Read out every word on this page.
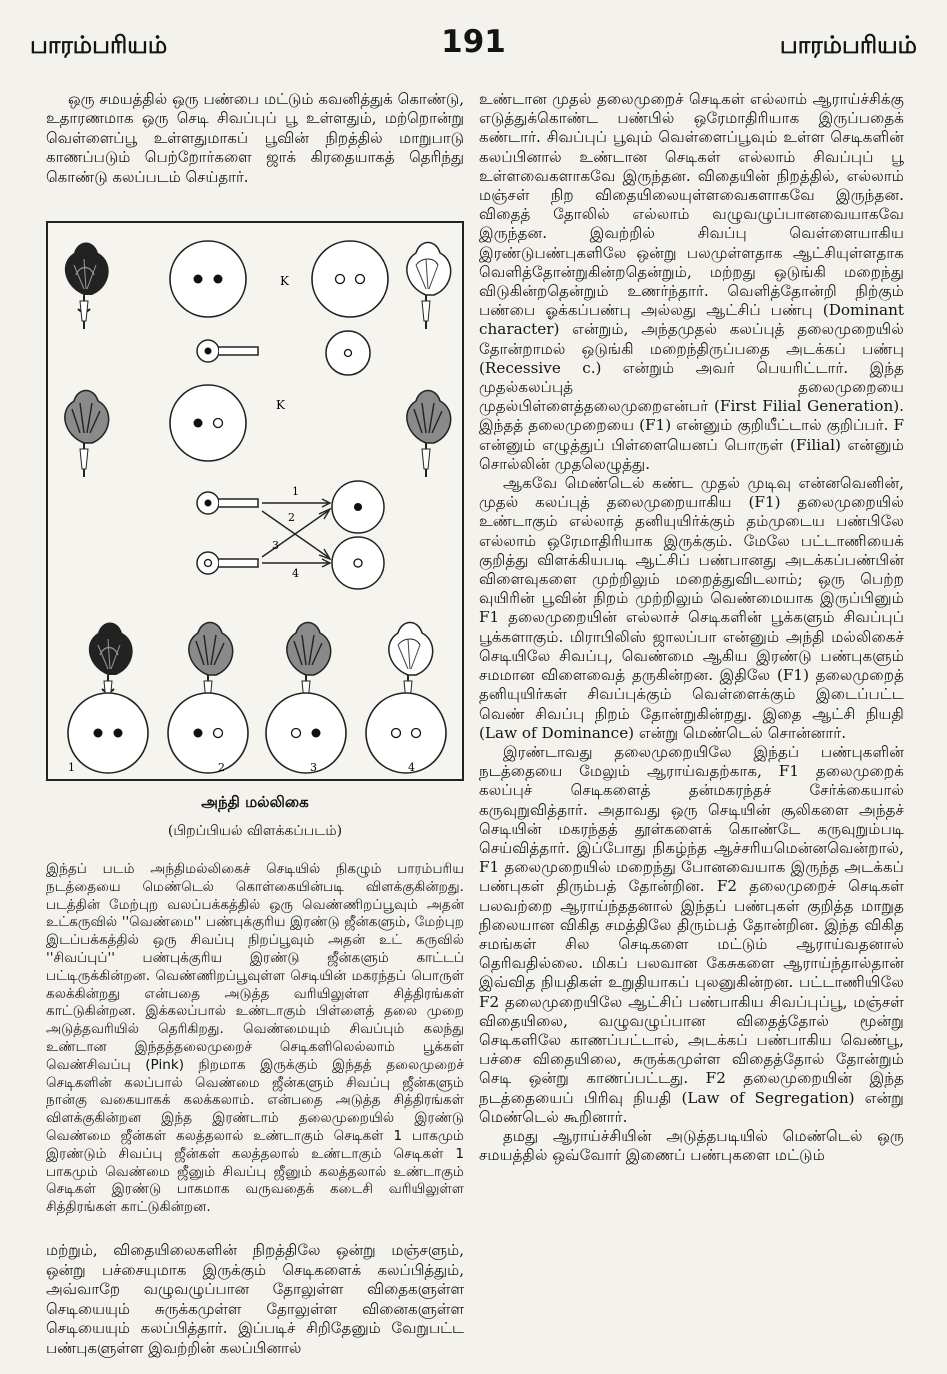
பாரம்பரியம்	191	பாரம்பரியம்

ஒரு சமயத்தில் ஒரு பண்பை மட்டும் கவனித்துக் கொண்டு, உதாரணமாக ஒரு செடி சிவப்புப் பூ உள்ளதும், மற்றொன்று வெள்ளைப்பூ உள்ளதுமாகப் பூவின் நிறத்தில் மாறுபாடு காணப்படும் பெற்றோர்களை ஜாக் கிரதையாகத் தெரிந்து கொண்டு கலப்படம் செய்தார்.

K
K
1
2
3
4
1	2	3	4
அந்தி மல்லிகை
(பிறப்பியல் விளக்கப்படம்)

இந்தப் படம் அந்திமல்லிகைச் செடியில் நிகழும் பாரம்பரிய நடத்தையை மெண்டெல் கொள்கையின்படி விளக்குகின்றது. படத்தின் மேற்புற வலப்பக்கத்தில் ஒரு வெண்ணிறப்பூவும் அதன் உட்கருவில் ''வெண்மை'' பண்புக்குரிய இரண்டு ஜீன்களும், மேற்புற இடப்பக்கத்தில் ஒரு சிவப்பு நிறப்பூவும் அதன் உட் கருவில் ''சிவப்புப்'' பண்புக்குரிய இரண்டு ஜீன்களும் காட்டப் பட்டிருக்கின்றன. வெண்ணிறப்பூவுள்ள செடியின் மகரந்தப் பொருள் கலக்கின்றது என்பதை அடுத்த வரியிலுள்ள சித்திரங்கள் காட்டுகின்றன. இக்கலப்பால் உண்டாகும் பிள்ளைத் தலை முறை அடுத்தவரியில் தெரிகிறது. வெண்மையும் சிவப்பும் கலந்து உண்டான இந்தத்தலைமுறைச் செடிகளிலெல்லாம் பூக்கள் வெண்சிவப்பு (Pink) நிறமாக இருக்கும் இந்தத் தலைமுறைச் செடிகளின் கலப்பால் வெண்மை ஜீன்களும் சிவப்பு ஜீன்களும் நான்கு வகையாகக் கலக்கலாம். என்பதை அடுத்த சித்திரங்கள் விளக்குகின்றன இந்த இரண்டாம் தலைமுறையில் இரண்டு வெண்மை ஜீன்கள் கலத்தலால் உண்டாகும் செடிகள் 1 பாகமும் இரண்டும் சிவப்பு ஜீன்கள் கலத்தலால் உண்டாகும் செடிகள் 1 பாகமும் வெண்மை ஜீனும் சிவப்பு ஜீனும் கலத்தலால் உண்டாகும் செடிகள் இரண்டு பாகமாக வருவதைக் கடைசி வரியிலுள்ள சித்திரங்கள் காட்டுகின்றன.

மற்றும், விதையிலைகளின் நிறத்திலே ஒன்று மஞ்சளும், ஒன்று பச்சையுமாக இருக்கும் செடிகளைக் கலப்பித்தும், அவ்வாறே வழுவழுப்பான தோலுள்ள விதைகளுள்ள செடியையும் சுருக்கமுள்ள தோலுள்ள வினைகளுள்ள செடியையும் கலப்பித்தார். இப்படிச் சிறிதேனும் வேறுபட்ட பண்புகளுள்ள இவற்றின் கலப்பினால்

உண்டான முதல் தலைமுறைச் செடிகள் எல்லாம் ஆராய்ச்சிக்கு எடுத்துக்கொண்ட பண்பில் ஒரேமாதிரியாக இருப்பதைக் கண்டார். சிவப்புப் பூவும் வெள்ளைப்பூவும் உள்ள செடிகளின் கலப்பினால் உண்டான செடிகள் எல்லாம் சிவப்புப் பூ உள்ளவைகளாகவே இருந்தன. விதையின் நிறத்தில், எல்லாம் மஞ்சள் நிற விதையிலையுள்ளவைகளாகவே இருந்தன. விதைத் தோலில் எல்லாம் வழுவழுப்பானவையாகவே இருந்தன. இவற்றில் சிவப்பு வெள்ளையாகிய இரண்டுபண்புகளிலே ஒன்று பலமுள்ளதாக ஆட்சியுள்ளதாக வெளித்தோன்றுகின்றதென்றும், மற்றது ஒடுங்கி மறைந்து விடுகின்றதென்றும் உணர்ந்தார். வெளித்தோன்றி நிற்கும் பண்பை ஓக்கப்பண்பு அல்லது ஆட்சிப் பண்பு (Dominant character) என்றும், அந்தமுதல் கலப்புத் தலைமுறையில் தோன்றாமல் ஒடுங்கி மறைந்திருப்பதை அடக்கப் பண்பு (Recessive c.) என்றும் அவர் பெயரிட்டார். இந்த முதல்கலப்புத் தலைமுறையை முதல்பிள்ளைத்தலைமுறைஎன்பர் (First Filial Generation). இந்தத் தலைமுறையை (F1) என்னும் குறியீட்டால் குறிப்பர். F என்னும் எழுத்துப் பிள்ளையெனப் பொருள் (Filial) என்னும் சொல்லின் முதலெழுத்து.

ஆகவே மெண்டெல் கண்ட முதல் முடிவு என்னவெனின், முதல் கலப்புத் தலைமுறையாகிய (F1) தலைமுறையில் உண்டாகும் எல்லாத் தனியுயிர்க்கும் தம்முடைய பண்பிலே எல்லாம் ஒரேமாதிரியாக இருக்கும். மேலே பட்டாணியைக் குறித்து விளக்கியபடி ஆட்சிப் பண்பானது அடக்கப்பண்பின் விளைவுகளை முற்றிலும் மறைத்துவிடலாம்; ஒரு பெற்ற வுயிரின் பூவின் நிறம் முற்றிலும் வெண்மையாக இருப்பினும் F1 தலைமுறையின் எல்லாச் செடிகளின் பூக்களும் சிவப்புப் பூக்களாகும். மிராபிலிஸ் ஜாலப்பா என்னும் அந்தி மல்லிகைச் செடியிலே சிவப்பு, வெண்மை ஆகிய இரண்டு பண்புகளும் சமமான விளைவைத் தருகின்றன. இதிலே (F1) தலைமுறைத் தனியுயிர்கள் சிவப்புக்கும் வெள்ளைக்கும் இடைப்பட்ட வெண் சிவப்பு நிறம் தோன்றுகின்றது. இதை ஆட்சி நியதி (Law of Dominance) என்று மெண்டெல் சொன்னார்.

இரண்டாவது தலைமுறையிலே இந்தப் பண்புகளின் நடத்தையை மேலும் ஆராய்வதற்காக, F1 தலைமுறைக் கலப்புச் செடிகளைத் தன்மகரந்தச் சேர்க்கையால் கருவுறுவித்தார். அதாவது ஒரு செடியின் சூலிகளை அந்தச் செடியின் மகரந்தத் தூள்களைக் கொண்டே கருவுறும்படி செய்வித்தார். இப்போது நிகழ்ந்த ஆச்சரியமென்னவென்றால், F1 தலைமுறையில் மறைந்து போனவையாக இருந்த அடக்கப் பண்புகள் திரும்பத் தோன்றின. F2 தலைமுறைச் செடிகள் பலவற்றை ஆராய்ந்ததனால் இந்தப் பண்புகள் குறித்த மாறுத நிலையான விகித சமத்திலே திரும்பத் தோன்றின. இந்த விகித சமங்கள் சில செடிகளை மட்டும் ஆராய்வதனால் தெரிவதில்லை. மிகப் பலவான கேசுகளை ஆராய்ந்தால்தான் இவ்வித நியதிகள் உறுதியாகப் புலனுகின்றன. பட்டாணியிலே F2 தலைமுறையிலே ஆட்சிப் பண்பாகிய சிவப்புப்பூ, மஞ்சள் விதையிலை, வழுவழுப்பான விதைத்தோல் மூன்று செடிகளிலே காணப்பட்டால், அடக்கப் பண்பாகிய வெண்பூ, பச்சை விதையிலை, சுருக்கமுள்ள விதைத்தோல் தோன்றும் செடி ஒன்று காணப்பட்டது. F2 தலைமுறையின் இந்த நடத்தையைப் பிரிவு நியதி (Law of Segregation) என்று மெண்டெல் கூறினார்.

தமது ஆராய்ச்சியின் அடுத்தபடியில் மெண்டெல் ஒரு சமயத்தில் ஒவ்வோர் இணைப் பண்புகளை மட்டும்
